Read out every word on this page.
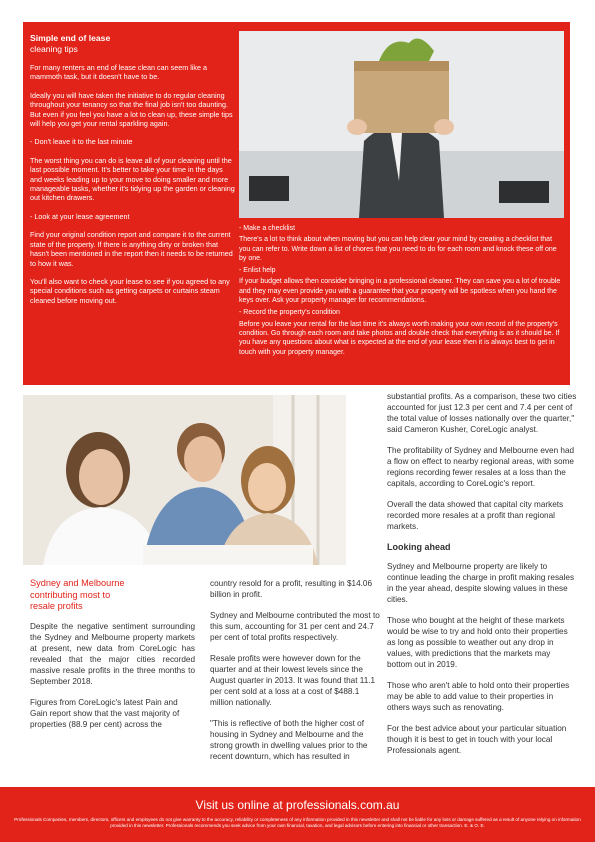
Simple end of lease
cleaning tips

For many renters an end of lease clean can seem like a mammoth task, but it doesn't have to be.

Ideally you will have taken the initiative to do regular cleaning throughout your tenancy so that the final job isn't too daunting. But even if you feel you have a lot to clean up, these simple tips will help you get your rental sparkling again.

- Don't leave it to the last minute

The worst thing you can do is leave all of your cleaning until the last possible moment. It's better to take your time in the days and weeks leading up to your move to doing smaller and more manageable tasks, whether it's tidying up the garden or cleaning out kitchen drawers.

- Look at your lease agreement

Find your original condition report and compare it to the current state of the property. If there is anything dirty or broken that hasn't been mentioned in the report then it needs to be returned to how it was.

You'll also want to check your lease to see if you agreed to any special conditions such as getting carpets or curtains steam cleaned before moving out.

- Make a checklist

There's a lot to think about when moving but you can help clear your mind by creating a checklist that you can refer to. Write down a list of chores that you need to do for each room and knock these off one by one.

- Enlist help

If your budget allows then consider bringing in a professional cleaner. They can save you a lot of trouble and they may even provide you with a guarantee that your property will be spotless when you hand the keys over. Ask your property manager for recommendations.

- Record the property's condition

Before you leave your rental for the last time it's always worth making your own record of the property's condition. Go through each room and take photos and double check that everything is as it should be. If you have any questions about what is expected at the end of your lease then it is always best to get in touch with your property manager.

Sydney and Melbourne
contributing most to
resale profits

Despite the negative sentiment surrounding the Sydney and Melbourne property markets at present, new data from CoreLogic has revealed that the major cities recorded massive resale profits in the three months to September 2018.

Figures from CoreLogic's latest Pain and Gain report show that the vast majority of properties (88.9 per cent) across the

country resold for a profit, resulting in $14.06 billion in profit.

Sydney and Melbourne contributed the most to this sum, accounting for 31 per cent and 24.7 per cent of total profits respectively.

Resale profits were however down for the quarter and at their lowest levels since the August quarter in 2013. It was found that 11.1 per cent sold at a loss at a cost of $488.1 million nationally.

"This is reflective of both the higher cost of housing in Sydney and Melbourne and the strong growth in dwelling values prior to the recent downturn, which has resulted in

substantial profits. As a comparison, these two cities accounted for just 12.3 per cent and 7.4 per cent of the total value of losses nationally over the quarter," said Cameron Kusher, CoreLogic analyst.

The profitability of Sydney and Melbourne even had a flow on effect to nearby regional areas, with some regions recording fewer resales at a loss than the capitals, according to CoreLogic's report.

Overall the data showed that capital city markets recorded more resales at a profit than regional markets.

Looking ahead

Sydney and Melbourne property are likely to continue leading the charge in profit making resales in the year ahead, despite slowing values in these cities.

Those who bought at the height of these markets would be wise to try and hold onto their properties as long as possible to weather out any drop in values, with predictions that the markets may bottom out in 2019.

Those who aren't able to hold onto their properties may be able to add value to their properties in others ways such as renovating.

For the best advice about your particular situation though it is best to get in touch with your local Professionals agent.

Visit us online at professionals.com.au
Professionals Companies, members, directors, officers and employees do not give warranty to the accuracy, reliability or completeness of any information provided in this newsletter and shall not be liable for any loss or damage suffered as a result of anyone relying on information provided in this newsletter. Professionals recommends you seek advice from your own financial, taxation, and legal advisors before entering into financial or other transaction. E. & O. E.
